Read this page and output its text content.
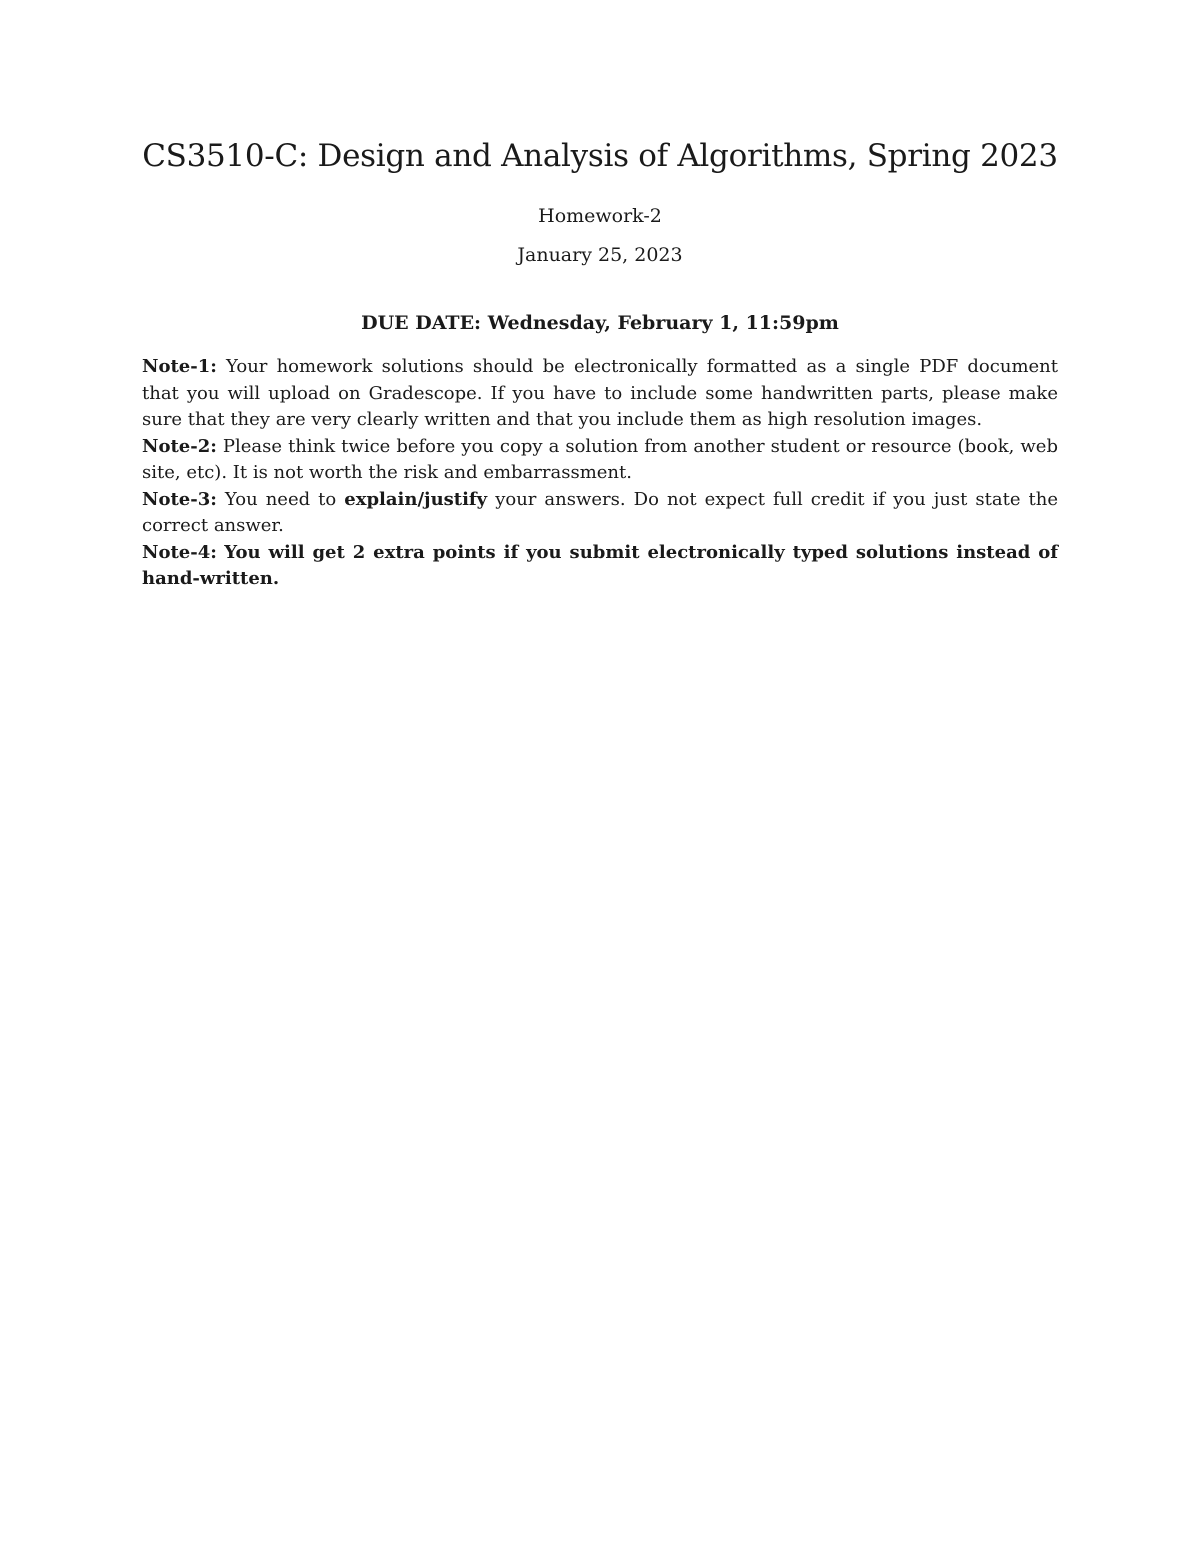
CS3510-C: Design and Analysis of Algorithms, Spring 2023
Homework-2
January 25, 2023
DUE DATE: Wednesday, February 1, 11:59pm

Note-1: Your homework solutions should be electronically formatted as a single PDF document that you will upload on Gradescope. If you have to include some handwritten parts, please make sure that they are very clearly written and that you include them as high resolution images.

Note-2: Please think twice before you copy a solution from another student or resource (book, web site, etc). It is not worth the risk and embarrassment.

Note-3: You need to explain/justify your answers. Do not expect full credit if you just state the correct answer.

Note-4: You will get 2 extra points if you submit electronically typed solutions instead of hand-written.
